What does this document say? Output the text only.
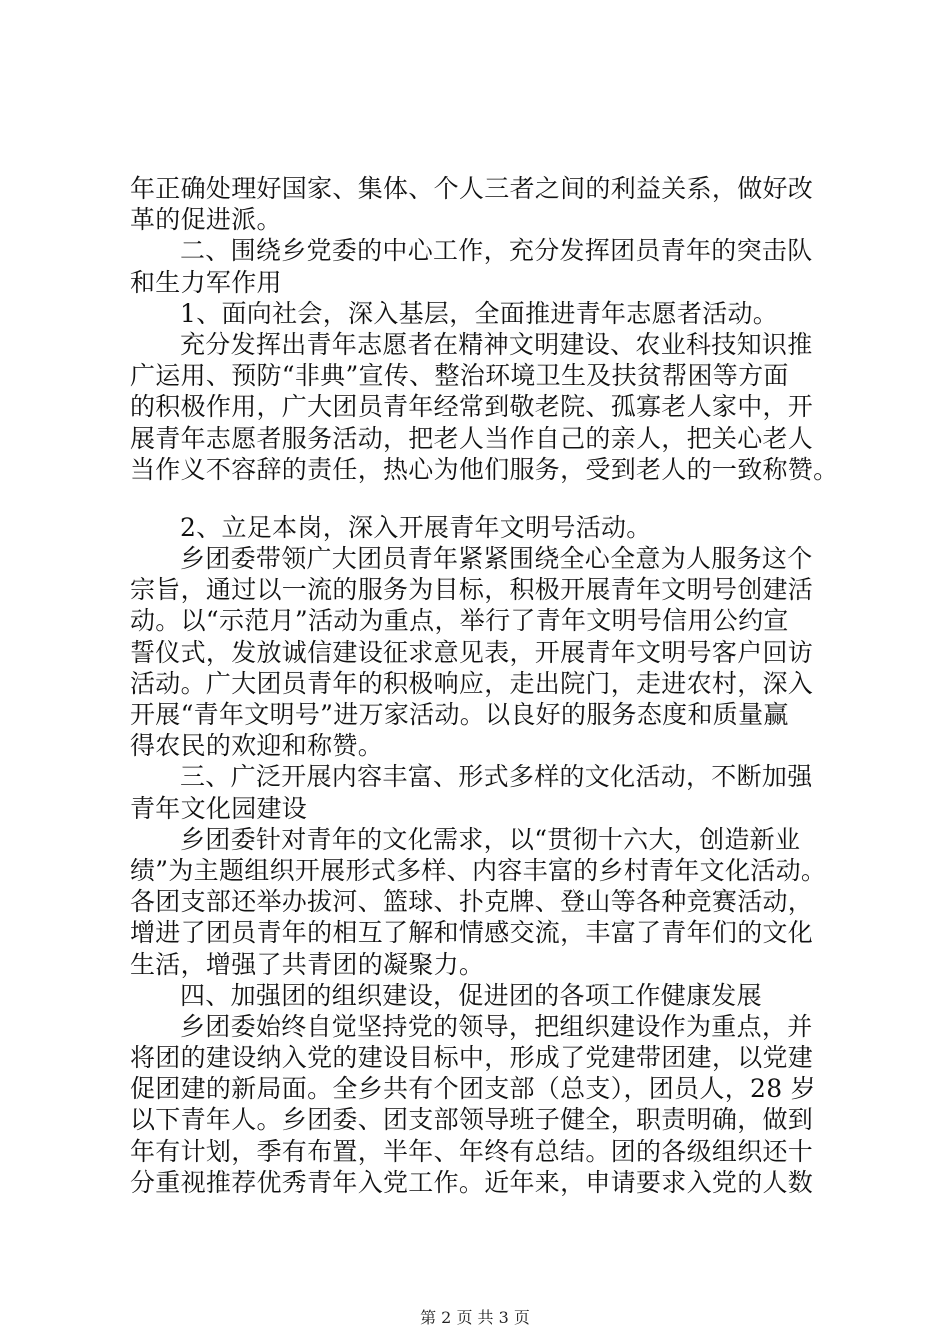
年正确处理好国家、集体、个人三者之间的利益关系，做好改
革的促进派。
二、围绕乡党委的中心工作，充分发挥团员青年的突击队
和生力军作用
1、面向社会，深入基层，全面推进青年志愿者活动。
充分发挥出青年志愿者在精神文明建设、农业科技知识推
广运用、预防“非典”宣传、整治环境卫生及扶贫帮困等方面
的积极作用，广大团员青年经常到敬老院、孤寡老人家中，开
展青年志愿者服务活动，把老人当作自己的亲人，把关心老人
当作义不容辞的责任，热心为他们服务，受到老人的一致称赞。
2、立足本岗，深入开展青年文明号活动。
乡团委带领广大团员青年紧紧围绕全心全意为人服务这个
宗旨，通过以一流的服务为目标，积极开展青年文明号创建活
动。以“示范月”活动为重点，举行了青年文明号信用公约宣
誓仪式，发放诚信建设征求意见表，开展青年文明号客户回访
活动。广大团员青年的积极响应，走出院门，走进农村，深入
开展“青年文明号”进万家活动。以良好的服务态度和质量赢
得农民的欢迎和称赞。
三、广泛开展内容丰富、形式多样的文化活动，不断加强
青年文化园建设
乡团委针对青年的文化需求，以“贯彻十六大，创造新业
绩”为主题组织开展形式多样、内容丰富的乡村青年文化活动。
各团支部还举办拔河、篮球、扑克牌、登山等各种竞赛活动，
增进了团员青年的相互了解和情感交流，丰富了青年们的文化
生活，增强了共青团的凝聚力。
四、加强团的组织建设，促进团的各项工作健康发展
乡团委始终自觉坚持党的领导，把组织建设作为重点，并
将团的建设纳入党的建设目标中，形成了党建带团建，以党建
促团建的新局面。全乡共有个团支部（总支），团员人，28 岁
以下青年人。乡团委、团支部领导班子健全，职责明确，做到
年有计划，季有布置，半年、年终有总结。团的各级组织还十
分重视推荐优秀青年入党工作。近年来，申请要求入党的人数
第 2 页 共 3 页
